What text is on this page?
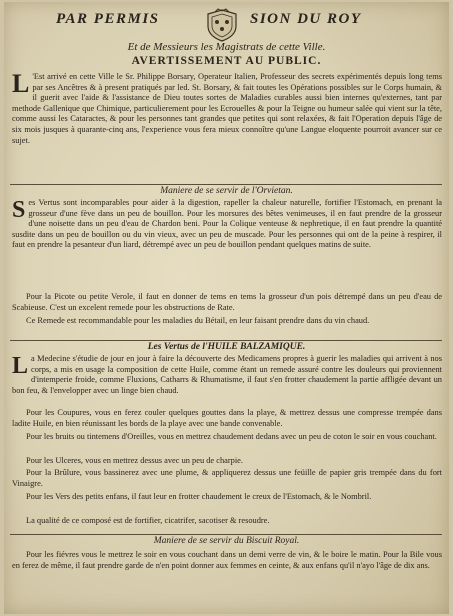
PAR PERMIS	SION DU ROY
Et de Messieurs les Magistrats de cette Ville.
AVERTISSEMENT AU PUBLIC.
L 'Est arrivé en cette Ville le Sr. Philippe Borsary, Operateur Italien, Professeur des secrets expérimentés depuis long tems par ses Ancêtres & à present pratiqués par led. St. Borsary, & fait toutes les Opérations possibles sur le Corps humain, & il guerit avec l'aide & l'assistance de Dieu toutes sortes de Maladies curables aussi bien internes qu'externes, tant par methode Gallenique que Chimique, particulierement pour les Ecrouelles & pour la Teigne ou humeur salée qui vient sur la tête, comme aussi les Cataractes, & pour les personnes tant grandes que petites qui sont relaxées, & fait l'Operation depuis l'âge de six mois jusques à quarante-cinq ans, l'experience vous fera mieux connoître qu'une Langue eloquente pourroit avancer sur ce sujet.
Maniere de se servir de l'Orvietan.
Ses Vertus sont incomparables pour aider à la digestion, rapeller la chaleur naturelle, fortifier l'Estomach, en prenant la grosseur d'une fève dans un peu de bouillon. Pour les morsures des bêtes venimeuses, il en faut prendre de la grosseur d'une noisette dans un peu d'eau de Chardon beni. Pour la Colique venteuse & nephretique, il en faut prendre la quantité susdite dans un peu de bouillon ou du vin vieux, avec un peu de muscade. Pour les personnes qui ont de la peine à respirer, il faut en prendre la pesanteur d'un liard, détrempé avec un peu de bouillon pendant quelques matins de suite.
Pour la Picote ou petite Verole, il faut en donner de tems en tems la grosseur d'un pois détrempé dans un peu d'eau de Scabieuse. C'est un excelent remede pour les obstructions de Rate.
Ce Remede est recommandable pour les maladies du Bétail, en leur faisant prendre dans du vin chaud.
Les Vertus de l'HUILE BALZAMIQUE.
La Medecine s'étudie de jour en jour à faire la découverte des Medicamens propres à guerir les maladies qui arrivent à nos corps, a mis en usage la composition de cette Huile, comme étant un remede assuré contre les douleurs qui proviennent d'intemperie froide, comme Fluxions, Catharrs & Rhumatisme, il faut s'en frotter chaudement la partie affligée devant un bon feu, & l'envelopper avec un linge bien chaud.
Pour les Coupures, vous en ferez couler quelques gouttes dans la playe, & mettrez dessus une compresse trempée dans ladite Huile, en bien réunissant les bords de la playe avec une bande convenable.
Pour les bruits ou tintemens d'Oreilles, vous en mettrez chaudement dedans avec un peu de coton le soir en vous couchant.
Pour les Ulceres, vous en mettrez dessus avec un peu de charpie.
Pour la Brûlure, vous bassinerez avec une plume, & appliquerez dessus une feüille de papier gris trempée dans du fort Vinaigre.
Pour les Vers des petits enfans, il faut leur en frotter chaudement le creux de l'Estomach, & le Nombril.
La qualité de ce composé est de fortifier, cicatrifer, sacotiser & resoudre.
Maniere de se servir du Biscuit Royal.
Pour les fiévres vous le mettrez le soir en vous couchant dans un demi verre de vin, & le boire le matin. Pour la Bile vous en ferez de même, il faut prendre garde de n'en point donner aux femmes en ceinte, & aux enfans qu'il n'ayo l'âge de dix ans.
